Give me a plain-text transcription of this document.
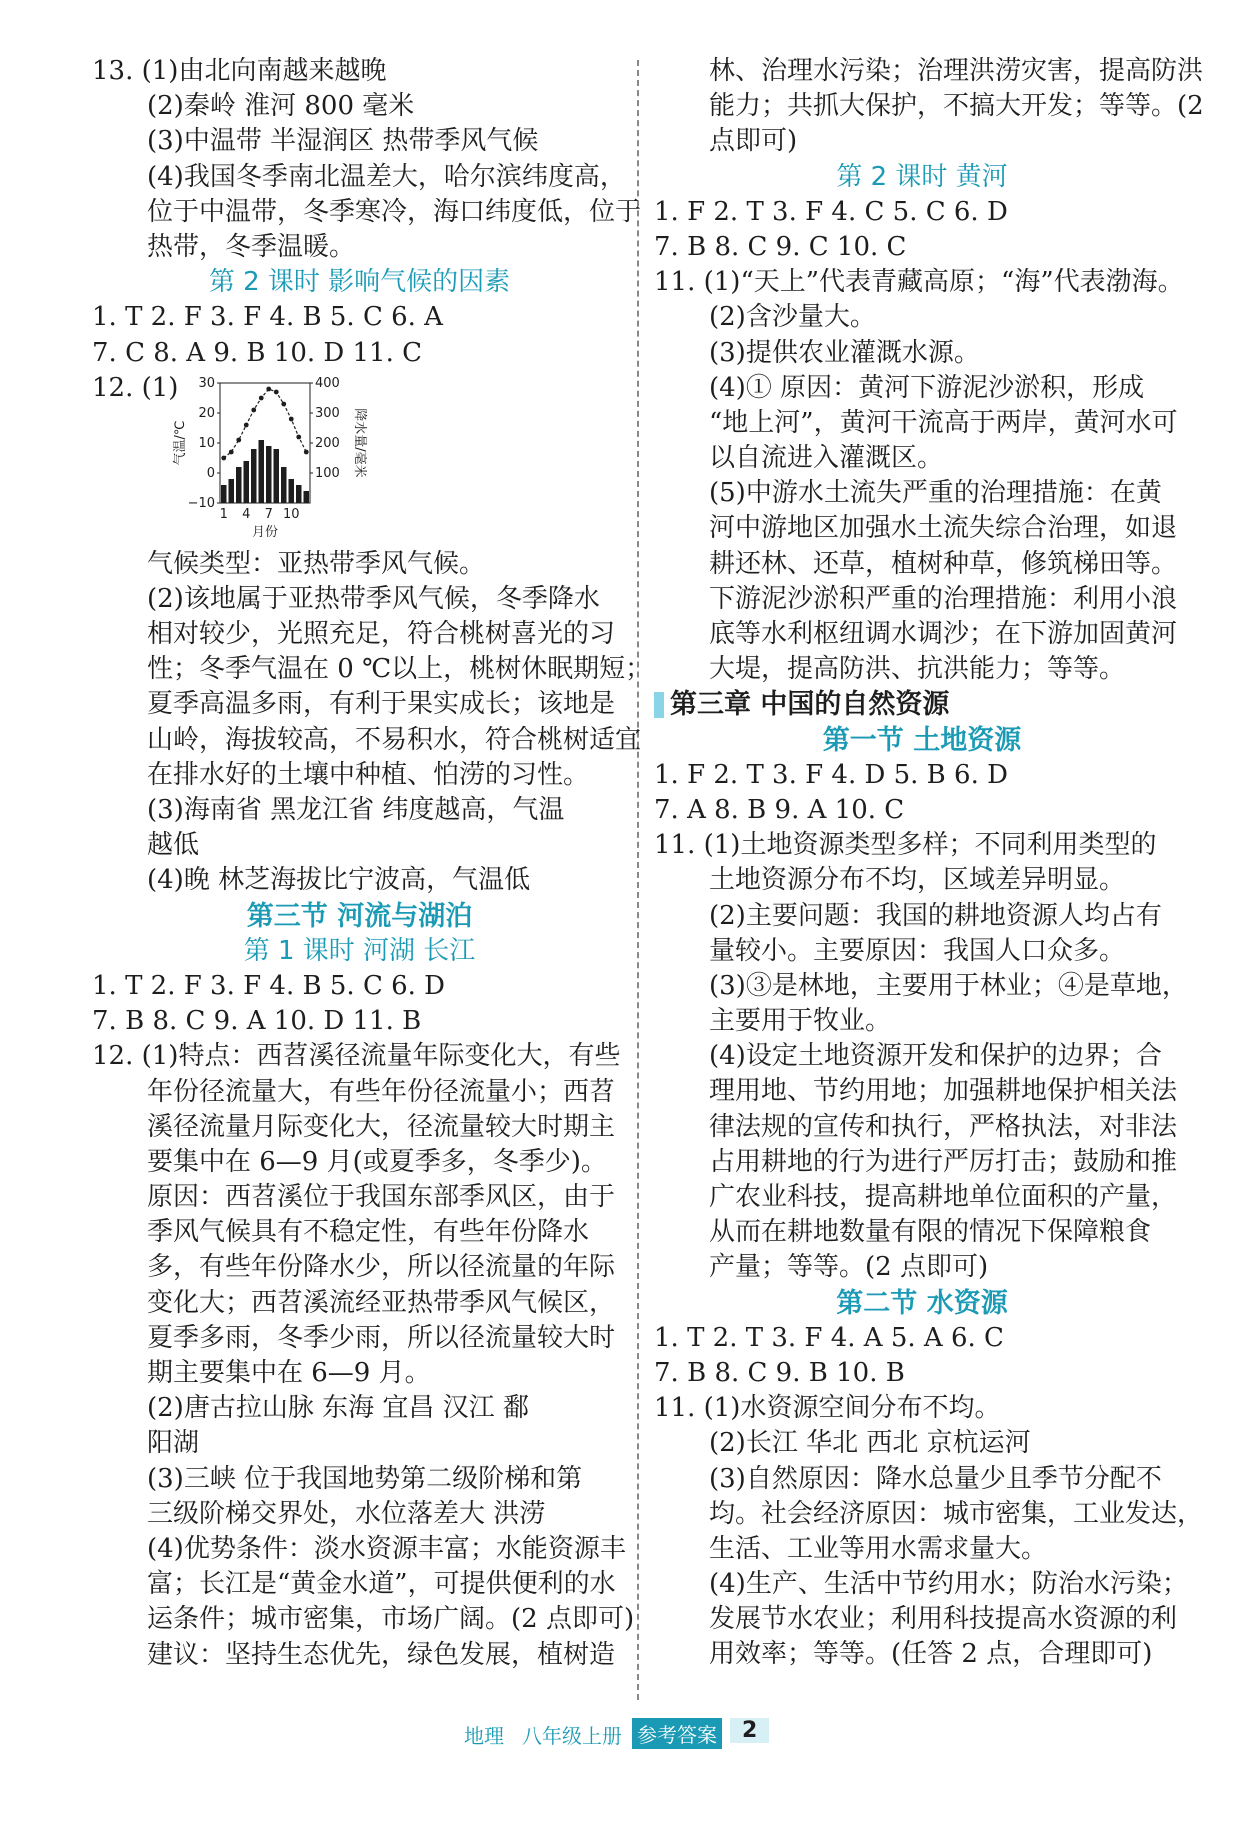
13. (1)由北向南越来越晚
(2)秦岭 淮河 800 毫米
(3)中温带 半湿润区 热带季风气候
(4)我国冬季南北温差大，哈尔滨纬度高，
位于中温带，冬季寒冷，海口纬度低，位于
热带，冬季温暖。
第 2 课时 影响气候的因素
1. T 2. F 3. F 4. B 5. C 6. A
7. C 8. A 9. B 10. D 11. C
12. (1)	30
20
10
0
−10
400
300
200
100
1 4 7 10
月份
气温/℃	降水量/毫米
气候类型：亚热带季风气候。
(2)该地属于亚热带季风气候，冬季降水
相对较少，光照充足，符合桃树喜光的习
性；冬季气温在 0 ℃以上，桃树休眠期短；
夏季高温多雨，有利于果实成长；该地是
山岭，海拔较高，不易积水，符合桃树适宜
在排水好的土壤中种植、怕涝的习性。
(3)海南省 黑龙江省 纬度越高，气温
越低
(4)晚 林芝海拔比宁波高，气温低
第三节 河流与湖泊
第 1 课时 河湖 长江
1. T 2. F 3. F 4. B 5. C 6. D
7. B 8. C 9. A 10. D 11. B
12. (1)特点：西苕溪径流量年际变化大，有些
年份径流量大，有些年份径流量小；西苕
溪径流量月际变化大，径流量较大时期主
要集中在 6—9 月(或夏季多，冬季少)。
原因：西苕溪位于我国东部季风区，由于
季风气候具有不稳定性，有些年份降水
多，有些年份降水少，所以径流量的年际
变化大；西苕溪流经亚热带季风气候区，
夏季多雨，冬季少雨，所以径流量较大时
期主要集中在 6—9 月。
(2)唐古拉山脉 东海 宜昌 汉江 鄱
阳湖
(3)三峡 位于我国地势第二级阶梯和第
三级阶梯交界处，水位落差大 洪涝
(4)优势条件：淡水资源丰富；水能资源丰
富；长江是“黄金水道”，可提供便利的水
运条件；城市密集，市场广阔。(2 点即可)
建议：坚持生态优先，绿色发展，植树造
林、治理水污染；治理洪涝灾害，提高防洪
能力；共抓大保护，不搞大开发；等等。(2
点即可)
第 2 课时 黄河
1. F 2. T 3. F 4. C 5. C 6. D
7. B 8. C 9. C 10. C
11. (1)“天上”代表青藏高原；“海”代表渤海。
(2)含沙量大。
(3)提供农业灌溉水源。
(4)① 原因：黄河下游泥沙淤积，形成
“地上河”，黄河干流高于两岸，黄河水可
以自流进入灌溉区。
(5)中游水土流失严重的治理措施：在黄
河中游地区加强水土流失综合治理，如退
耕还林、还草，植树种草，修筑梯田等。
下游泥沙淤积严重的治理措施：利用小浪
底等水利枢纽调水调沙；在下游加固黄河
大堤，提高防洪、抗洪能力；等等。
第三章 中国的自然资源
第一节 土地资源
1. F 2. T 3. F 4. D 5. B 6. D
7. A 8. B 9. A 10. C
11. (1)土地资源类型多样；不同利用类型的
土地资源分布不均，区域差异明显。
(2)主要问题：我国的耕地资源人均占有
量较小。主要原因：我国人口众多。
(3)③是林地，主要用于林业；④是草地，
主要用于牧业。
(4)设定土地资源开发和保护的边界；合
理用地、节约用地；加强耕地保护相关法
律法规的宣传和执行，严格执法，对非法
占用耕地的行为进行严厉打击；鼓励和推
广农业科技，提高耕地单位面积的产量，
从而在耕地数量有限的情况下保障粮食
产量；等等。(2 点即可)
第二节 水资源
1. T 2. T 3. F 4. A 5. A 6. C
7. B 8. C 9. B 10. B
11. (1)水资源空间分布不均。
(2)长江 华北 西北 京杭运河
(3)自然原因：降水总量少且季节分配不
均。社会经济原因：城市密集，工业发达，
生活、工业等用水需求量大。
(4)生产、生活中节约用水；防治水污染；
发展节水农业；利用科技提高水资源的利
用效率；等等。(任答 2 点，合理即可)
地理 八年级上册 参考答案	2
